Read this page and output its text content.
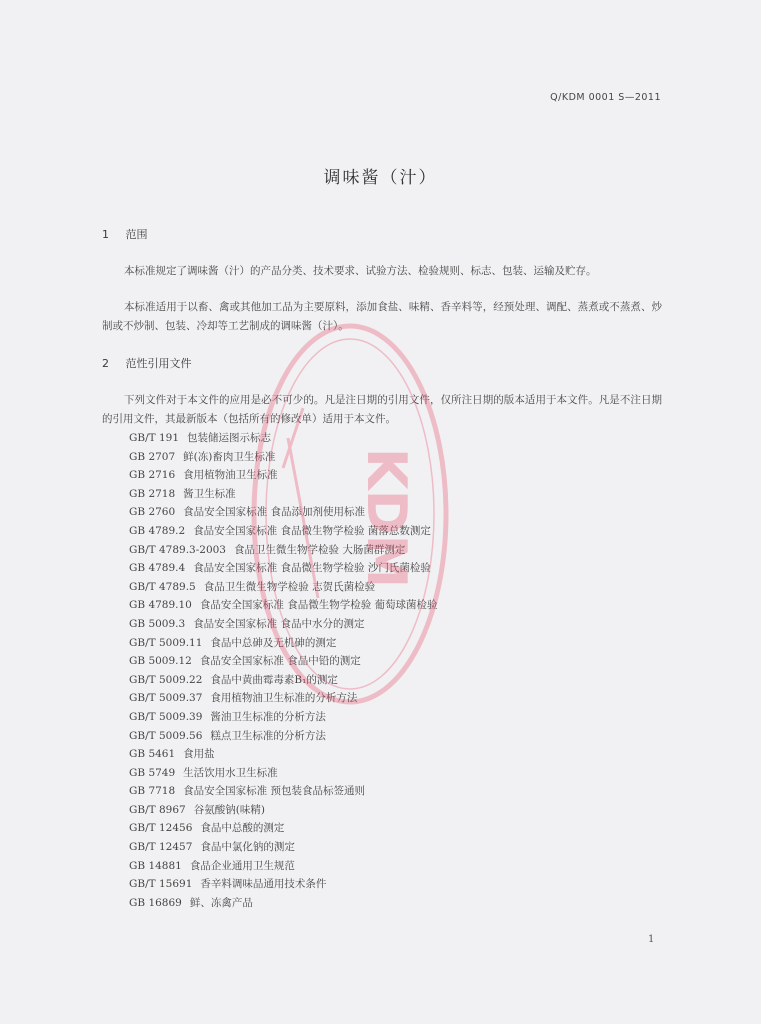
Q/KDM 0001 S—2011
调味酱（汁）
1 范围
本标准规定了调味酱（汁）的产品分类、技术要求、试验方法、检验规则、标志、包装、运输及贮存。
本标准适用于以畜、禽或其他加工品为主要原料，添加食盐、味精、香辛料等，经预处理、调配、蒸煮或不蒸煮、炒制或不炒制、包装、冷却等工艺制成的调味酱（汁）。
2 范性引用文件
下列文件对于本文件的应用是必不可少的。凡是注日期的引用文件，仅所注日期的版本适用于本文件。凡是不注日期的引用文件，其最新版本（包括所有的修改单）适用于本文件。
GB/T 191 包装储运图示标志
GB 2707 鲜(冻)畜肉卫生标准
GB 2716 食用植物油卫生标准
GB 2718 酱卫生标准
GB 2760 食品安全国家标准 食品添加剂使用标准
GB 4789.2 食品安全国家标准 食品微生物学检验 菌落总数测定
GB/T 4789.3-2003 食品卫生微生物学检验 大肠菌群测定
GB 4789.4 食品安全国家标准 食品微生物学检验 沙门氏菌检验
GB/T 4789.5 食品卫生微生物学检验 志贺氏菌检验
GB 4789.10 食品安全国家标准 食品微生物学检验 葡萄球菌检验
GB 5009.3 食品安全国家标准 食品中水分的测定
GB/T 5009.11 食品中总砷及无机砷的测定
GB 5009.12 食品安全国家标准 食品中铅的测定
GB/T 5009.22 食品中黄曲霉毒素B₁的测定
GB/T 5009.37 食用植物油卫生标准的分析方法
GB/T 5009.39 酱油卫生标准的分析方法
GB/T 5009.56 糕点卫生标准的分析方法
GB 5461 食用盐
GB 5749 生活饮用水卫生标准
GB 7718 食品安全国家标准 预包装食品标签通则
GB/T 8967 谷氨酸钠(味精)
GB/T 12456 食品中总酸的测定
GB/T 12457 食品中氯化钠的测定
GB 14881 食品企业通用卫生规范
GB/T 15691 香辛料调味品通用技术条件
GB 16869 鲜、冻禽产品
KDM
1
